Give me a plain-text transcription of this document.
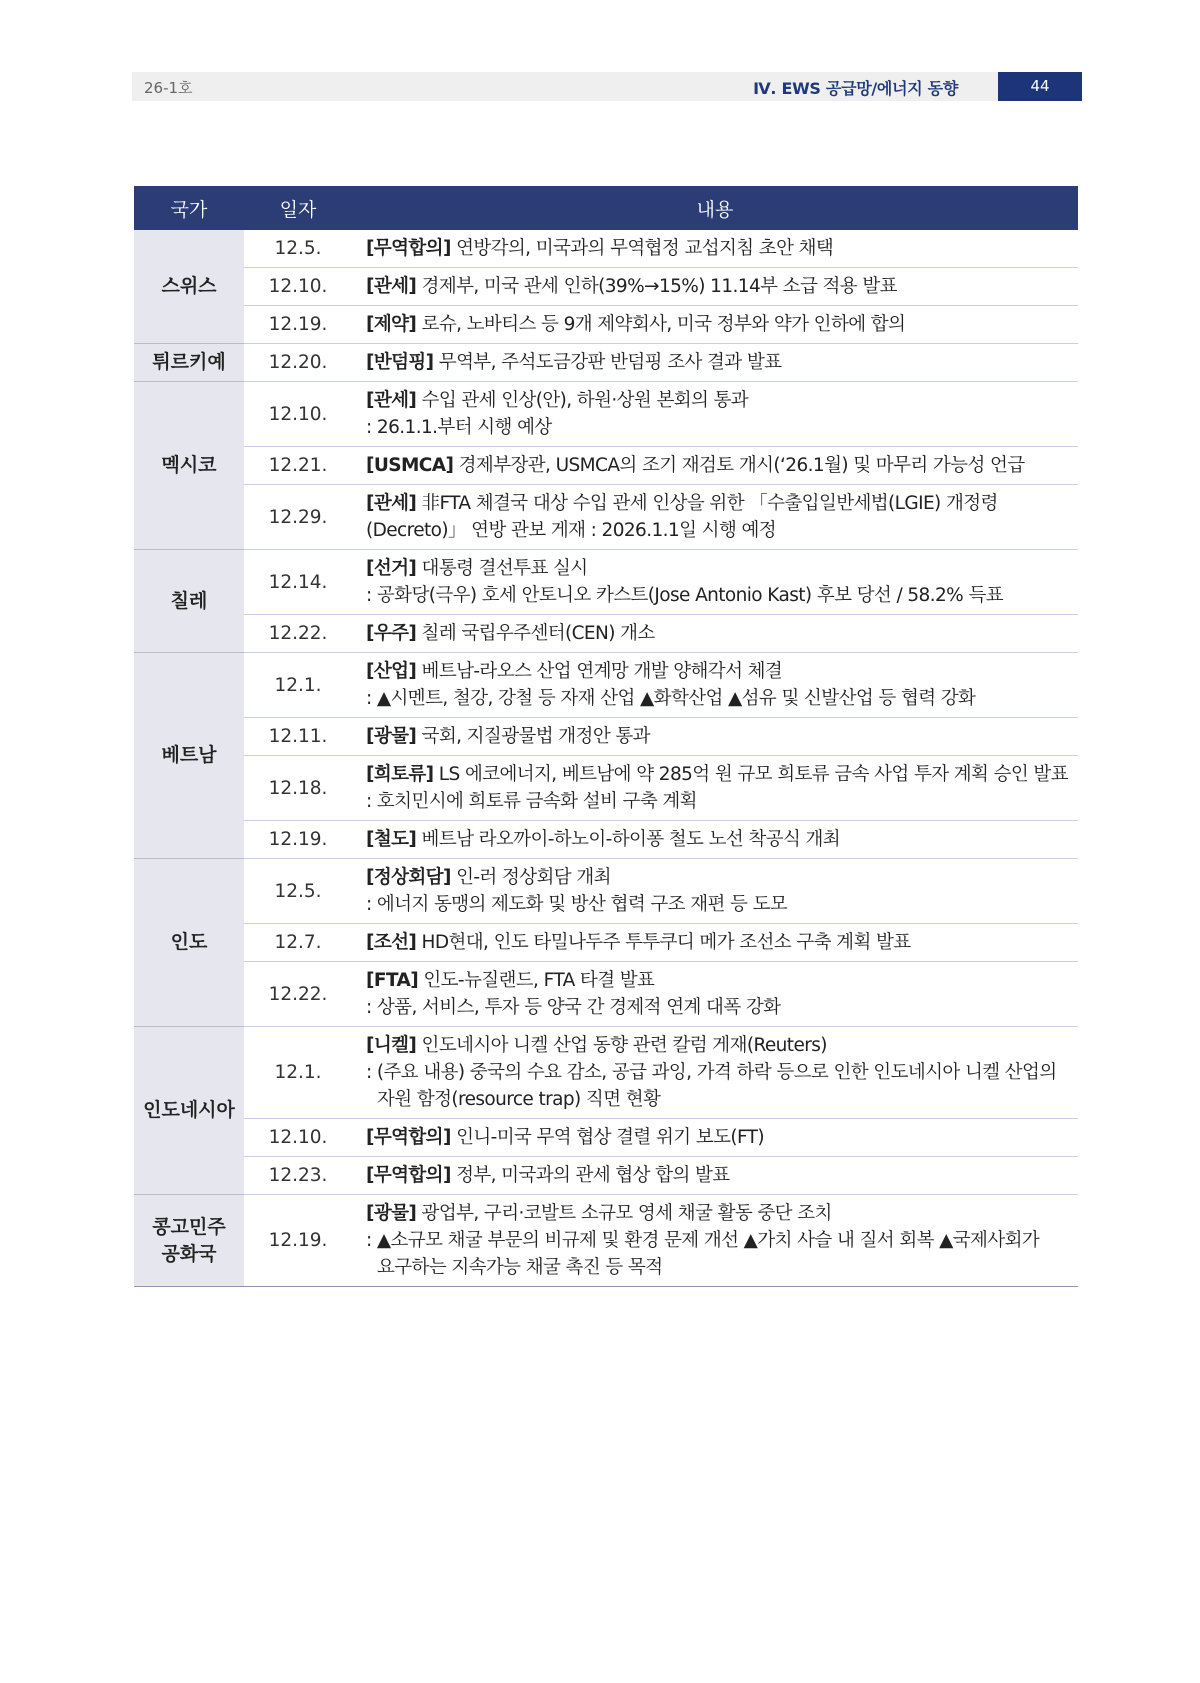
26-1호	Ⅳ. EWS 공급망/에너지 동향	44
국가	일자	내용

스위스	12.5.	[무역합의] 연방각의, 미국과의 무역협정 교섭지침 초안 채택
	12.10.	[관세] 경제부, 미국 관세 인하(39%→15%) 11.14부 소급 적용 발표
	12.19.	[제약] 로슈, 노바티스 등 9개 제약회사, 미국 정부와 약가 인하에 합의

튀르키예	12.20.	[반덤핑] 무역부, 주석도금강판 반덤핑 조사 결과 발표

멕시코	12.10.	[관세] 수입 관세 인상(안), 하원·상원 본회의 통과
: 26.1.1.부터 시행 예상

	12.21.	[USMCA] 경제부장관, USMCA의 조기 재검토 개시(‘26.1월) 및 마무리 가능성 언급
	12.29.	[관세] 非FTA 체결국 대상 수입 관세 인상을 위한 「수출입일반세법(LGIE) 개정령
(Decreto)」 연방 관보 게재 : 2026.1.1일 시행 예정

칠레	12.14.	[선거] 대통령 결선투표 실시
: 공화당(극우) 호세 안토니오 카스트(Jose Antonio Kast) 후보 당선 / 58.2% 득표

	12.22.	[우주] 칠레 국립우주센터(CEN) 개소

베트남	12.1.	[산업] 베트남-라오스 산업 연계망 개발 양해각서 체결
: ▲시멘트, 철강, 강철 등 자재 산업 ▲화학산업 ▲섬유 및 신발산업 등 협력 강화

	12.11.	[광물] 국회, 지질광물법 개정안 통과
	12.18.	[희토류] LS 에코에너지, 베트남에 약 285억 원 규모 희토류 금속 사업 투자 계획 승인 발표
: 호치민시에 희토류 금속화 설비 구축 계획

	12.19.	[철도] 베트남 라오까이-하노이-하이퐁 철도 노선 착공식 개최

인도	12.5.	[정상회담] 인-러 정상회담 개최
: 에너지 동맹의 제도화 및 방산 협력 구조 재편 등 도모

	12.7.	[조선] HD현대, 인도 타밀나두주 투투쿠디 메가 조선소 구축 계획 발표
	12.22.	[FTA] 인도-뉴질랜드, FTA 타결 발표
: 상품, 서비스, 투자 등 양국 간 경제적 연계 대폭 강화

인도네시아	12.1.	[니켈] 인도네시아 니켈 산업 동향 관련 칼럼 게재(Reuters)
: (주요 내용) 중국의 수요 감소, 공급 과잉, 가격 하락 등으로 인한 인도네시아 니켈 산업의
자원 함정(resource trap) 직면 현황

	12.10.	[무역합의] 인니-미국 무역 협상 결렬 위기 보도(FT)
	12.23.	[무역합의] 정부, 미국과의 관세 협상 합의 발표

콩고민주
공화국	12.19.	[광물] 광업부, 구리·코발트 소규모 영세 채굴 활동 중단 조치
: ▲소규모 채굴 부문의 비규제 및 환경 문제 개선 ▲가치 사슬 내 질서 회복 ▲국제사회가
요구하는 지속가능 채굴 촉진 등 목적
